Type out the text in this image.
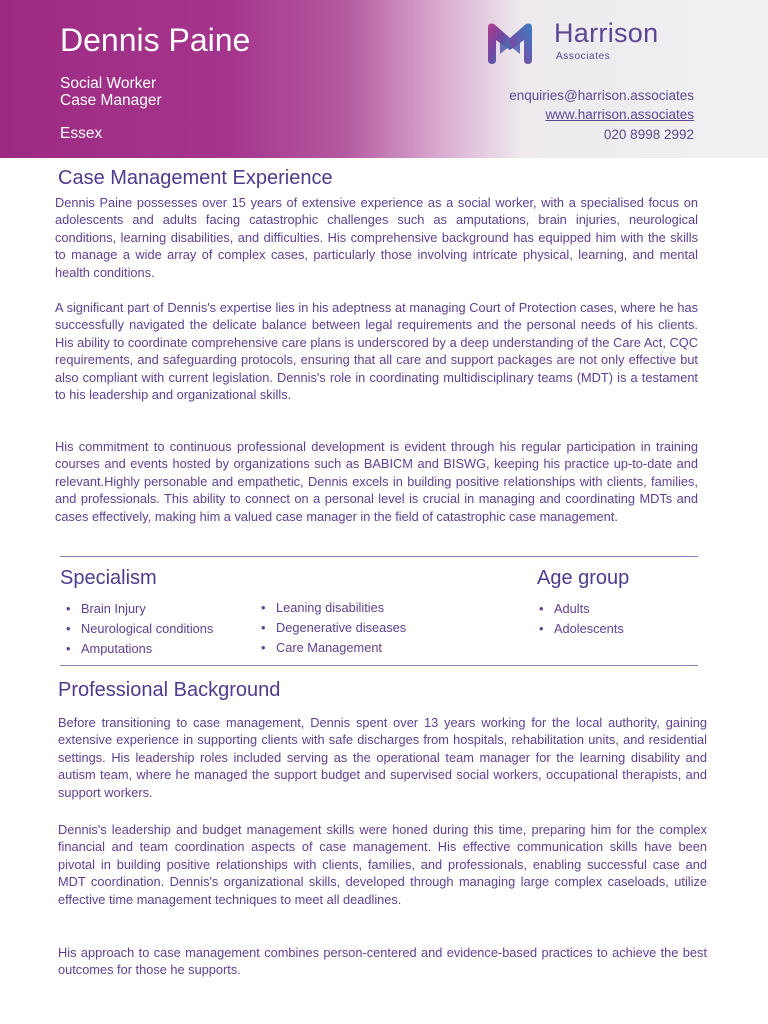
Dennis Paine
Social Worker
Case Manager
Essex
Harrison
Associates
enquiries@harrison.associates
www.harrison.associates
020 8998 2992
Case Management Experience

Dennis Paine possesses over 15 years of extensive experience as a social worker, with a specialised focus on adolescents and adults facing catastrophic challenges such as amputations, brain injuries, neurological conditions, learning disabilities, and difficulties. His comprehensive background has equipped him with the skills to manage a wide array of complex cases, particularly those involving intricate physical, learning, and mental health conditions.

A significant part of Dennis's expertise lies in his adeptness at managing Court of Protection cases, where he has successfully navigated the delicate balance between legal requirements and the personal needs of his clients. His ability to coordinate comprehensive care plans is underscored by a deep understanding of the Care Act, CQC requirements, and safeguarding protocols, ensuring that all care and support packages are not only effective but also compliant with current legislation. Dennis's role in coordinating multidisciplinary teams (MDT) is a testament to his leadership and organizational skills.

His commitment to continuous professional development is evident through his regular participation in training courses and events hosted by organizations such as BABICM and BISWG, keeping his practice up-to-date and relevant.Highly personable and empathetic, Dennis excels in building positive relationships with clients, families, and professionals. This ability to connect on a personal level is crucial in managing and coordinating MDTs and cases effectively, making him a valued case manager in the field of catastrophic case management.

Specialism
• Brain Injury
• Neurological conditions
• Amputations
• Leaning disabilities
• Degenerative diseases
• Care Management
Age group
• Adults
• Adolescents
Professional Background

Before transitioning to case management, Dennis spent over 13 years working for the local authority, gaining extensive experience in supporting clients with safe discharges from hospitals, rehabilitation units, and residential settings. His leadership roles included serving as the operational team manager for the learning disability and autism team, where he managed the support budget and supervised social workers, occupational therapists, and support workers.

Dennis's leadership and budget management skills were honed during this time, preparing him for the complex financial and team coordination aspects of case management. His effective communication skills have been pivotal in building positive relationships with clients, families, and professionals, enabling successful case and MDT coordination. Dennis's organizational skills, developed through managing large complex caseloads, utilize effective time management techniques to meet all deadlines.

His approach to case management combines person-centered and evidence-based practices to achieve the best outcomes for those he supports.
